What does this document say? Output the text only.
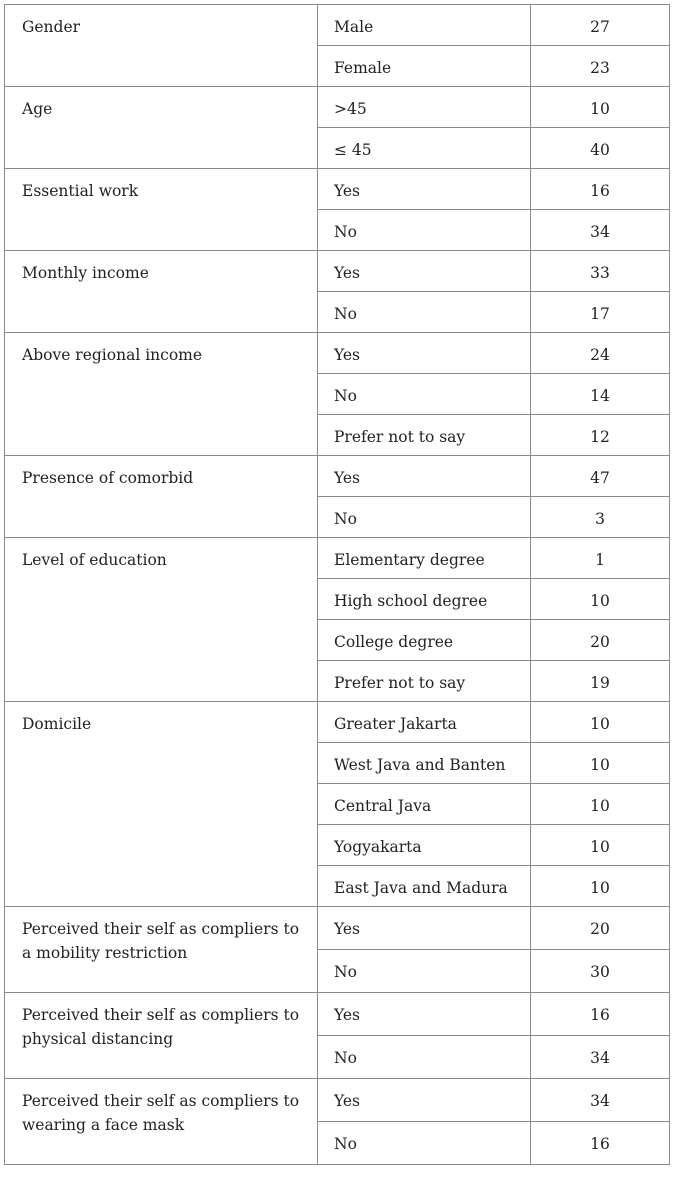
Gender	Male	27
	Female	23
Age	>45	10
	≤ 45	40
Essential work	Yes	16
	No	34
Monthly income	Yes	33
	No	17
Above regional income	Yes	24
	No	14
	Prefer not to say	12
Presence of comorbid	Yes	47
	No	3
Level of education	Elementary degree	1
	High school degree	10
	College degree	20
	Prefer not to say	19
Domicile	Greater Jakarta	10
	West Java and Banten	10
	Central Java	10
	Yogyakarta	10
	East Java and Madura	10
Perceived their self as compliers to a mobility restriction	Yes	20
	No	30
Perceived their self as compliers to physical distancing	Yes	16
	No	34
Perceived their self as compliers to wearing a face mask	Yes	34
	No	16
